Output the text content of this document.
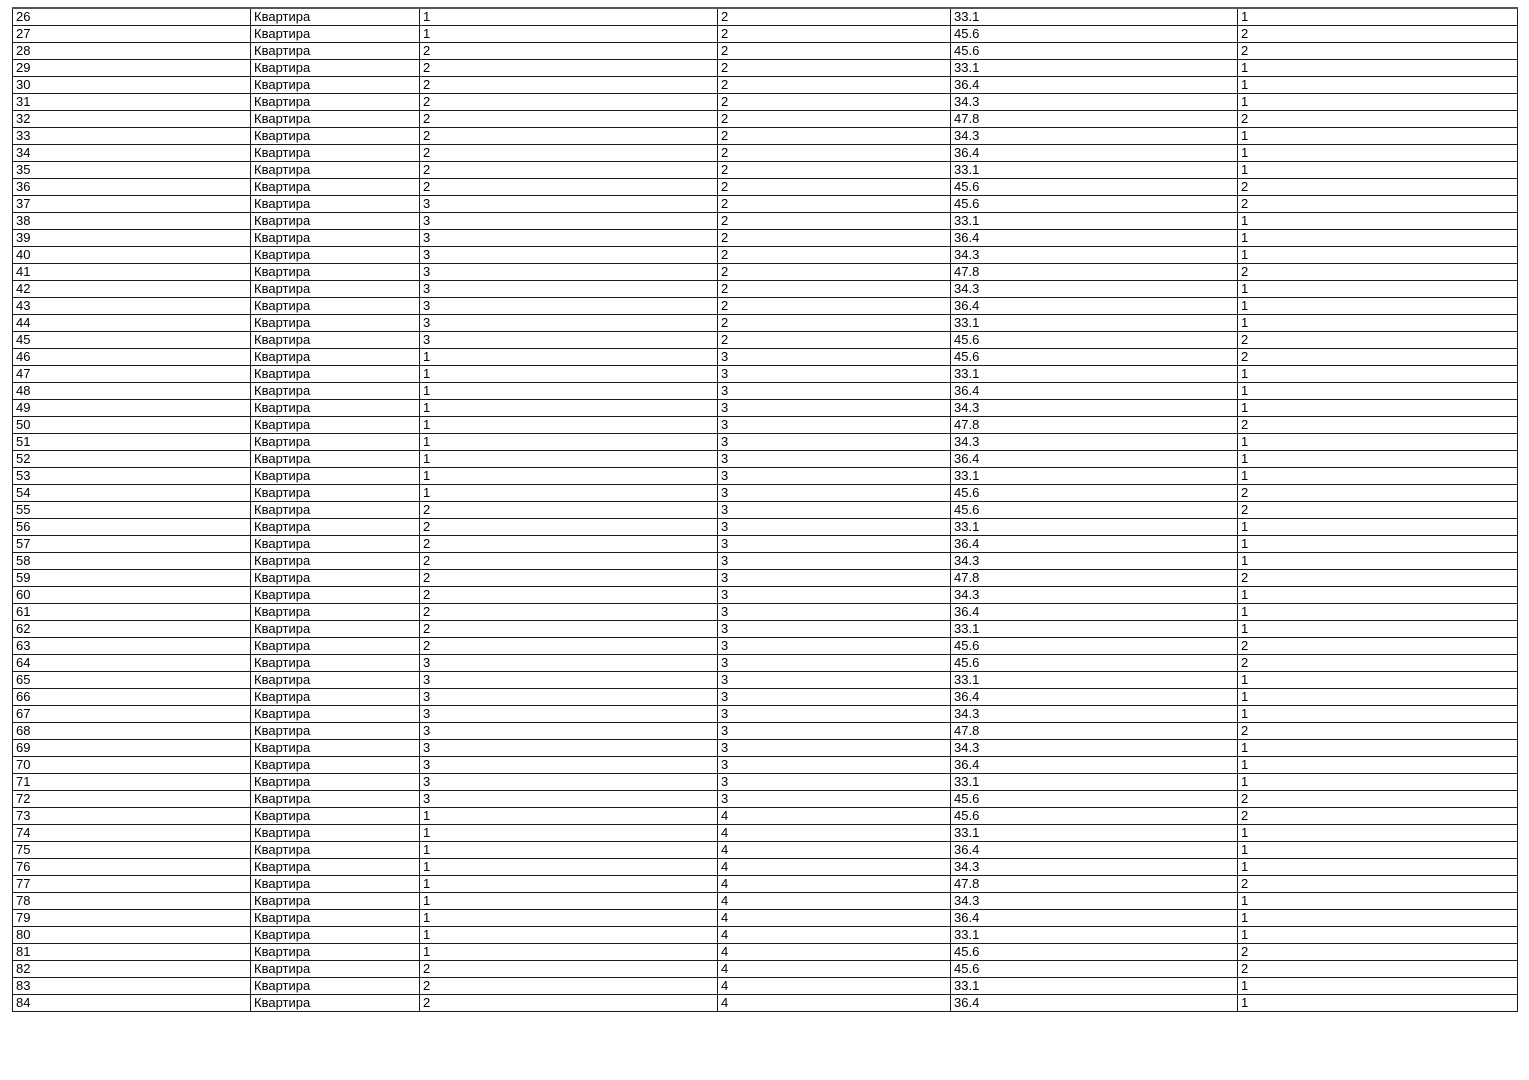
26	Квартира	1	2	33.1	1
27	Квартира	1	2	45.6	2
28	Квартира	2	2	45.6	2
29	Квартира	2	2	33.1	1
30	Квартира	2	2	36.4	1
31	Квартира	2	2	34.3	1
32	Квартира	2	2	47.8	2
33	Квартира	2	2	34.3	1
34	Квартира	2	2	36.4	1
35	Квартира	2	2	33.1	1
36	Квартира	2	2	45.6	2
37	Квартира	3	2	45.6	2
38	Квартира	3	2	33.1	1
39	Квартира	3	2	36.4	1
40	Квартира	3	2	34.3	1
41	Квартира	3	2	47.8	2
42	Квартира	3	2	34.3	1
43	Квартира	3	2	36.4	1
44	Квартира	3	2	33.1	1
45	Квартира	3	2	45.6	2
46	Квартира	1	3	45.6	2
47	Квартира	1	3	33.1	1
48	Квартира	1	3	36.4	1
49	Квартира	1	3	34.3	1
50	Квартира	1	3	47.8	2
51	Квартира	1	3	34.3	1
52	Квартира	1	3	36.4	1
53	Квартира	1	3	33.1	1
54	Квартира	1	3	45.6	2
55	Квартира	2	3	45.6	2
56	Квартира	2	3	33.1	1
57	Квартира	2	3	36.4	1
58	Квартира	2	3	34.3	1
59	Квартира	2	3	47.8	2
60	Квартира	2	3	34.3	1
61	Квартира	2	3	36.4	1
62	Квартира	2	3	33.1	1
63	Квартира	2	3	45.6	2
64	Квартира	3	3	45.6	2
65	Квартира	3	3	33.1	1
66	Квартира	3	3	36.4	1
67	Квартира	3	3	34.3	1
68	Квартира	3	3	47.8	2
69	Квартира	3	3	34.3	1
70	Квартира	3	3	36.4	1
71	Квартира	3	3	33.1	1
72	Квартира	3	3	45.6	2
73	Квартира	1	4	45.6	2
74	Квартира	1	4	33.1	1
75	Квартира	1	4	36.4	1
76	Квартира	1	4	34.3	1
77	Квартира	1	4	47.8	2
78	Квартира	1	4	34.3	1
79	Квартира	1	4	36.4	1
80	Квартира	1	4	33.1	1
81	Квартира	1	4	45.6	2
82	Квартира	2	4	45.6	2
83	Квартира	2	4	33.1	1
84	Квартира	2	4	36.4	1
